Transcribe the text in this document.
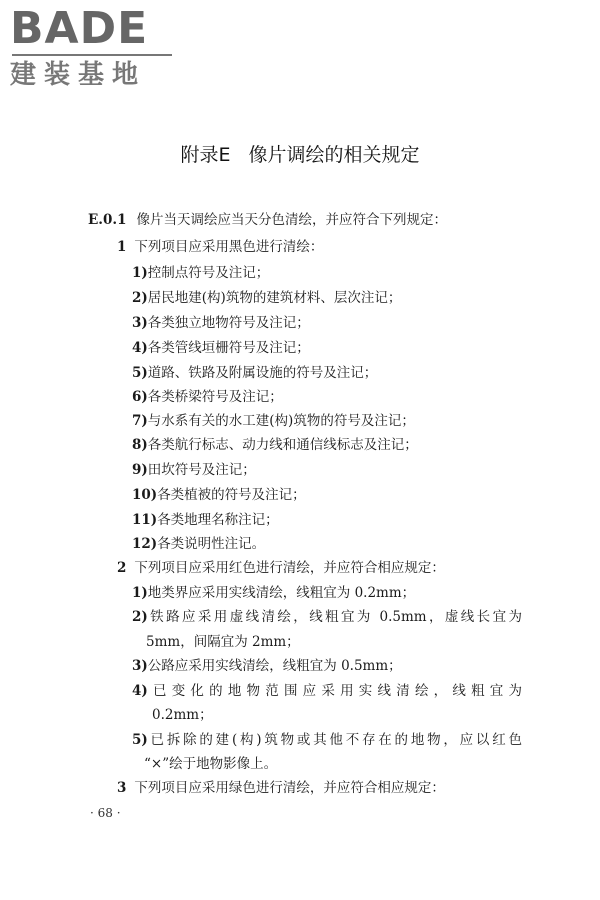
BADE
建装基地
附录E 像片调绘的相关规定
E.0.1 像片当天调绘应当天分色清绘，并应符合下列规定：
1 下列项目应采用黑色进行清绘：
1)控制点符号及注记；
2)居民地建(构)筑物的建筑材料、层次注记；
3)各类独立地物符号及注记；
4)各类管线垣栅符号及注记；
5)道路、铁路及附属设施的符号及注记；
6)各类桥梁符号及注记；
7)与水系有关的水工建(构)筑物的符号及注记；
8)各类航行标志、动力线和通信线标志及注记；
9)田坎符号及注记；
10)各类植被的符号及注记；
11)各类地理名称注记；
12)各类说明性注记。
2 下列项目应采用红色进行清绘，并应符合相应规定：
1)地类界应采用实线清绘，线粗宜为 0.2mm；
2)铁路应采用虚线清绘，线粗宜为 0.5mm，虚线长宜为
5mm，间隔宜为 2mm；
3)公路应采用实线清绘，线粗宜为 0.5mm；
4)已变化的地物范围应采用实线清绘，线粗宜为
0.2mm；
5)已拆除的建(构)筑物或其他不存在的地物，应以红色
“×”绘于地物影像上。
3 下列项目应采用绿色进行清绘，并应符合相应规定：
· 68 ·
